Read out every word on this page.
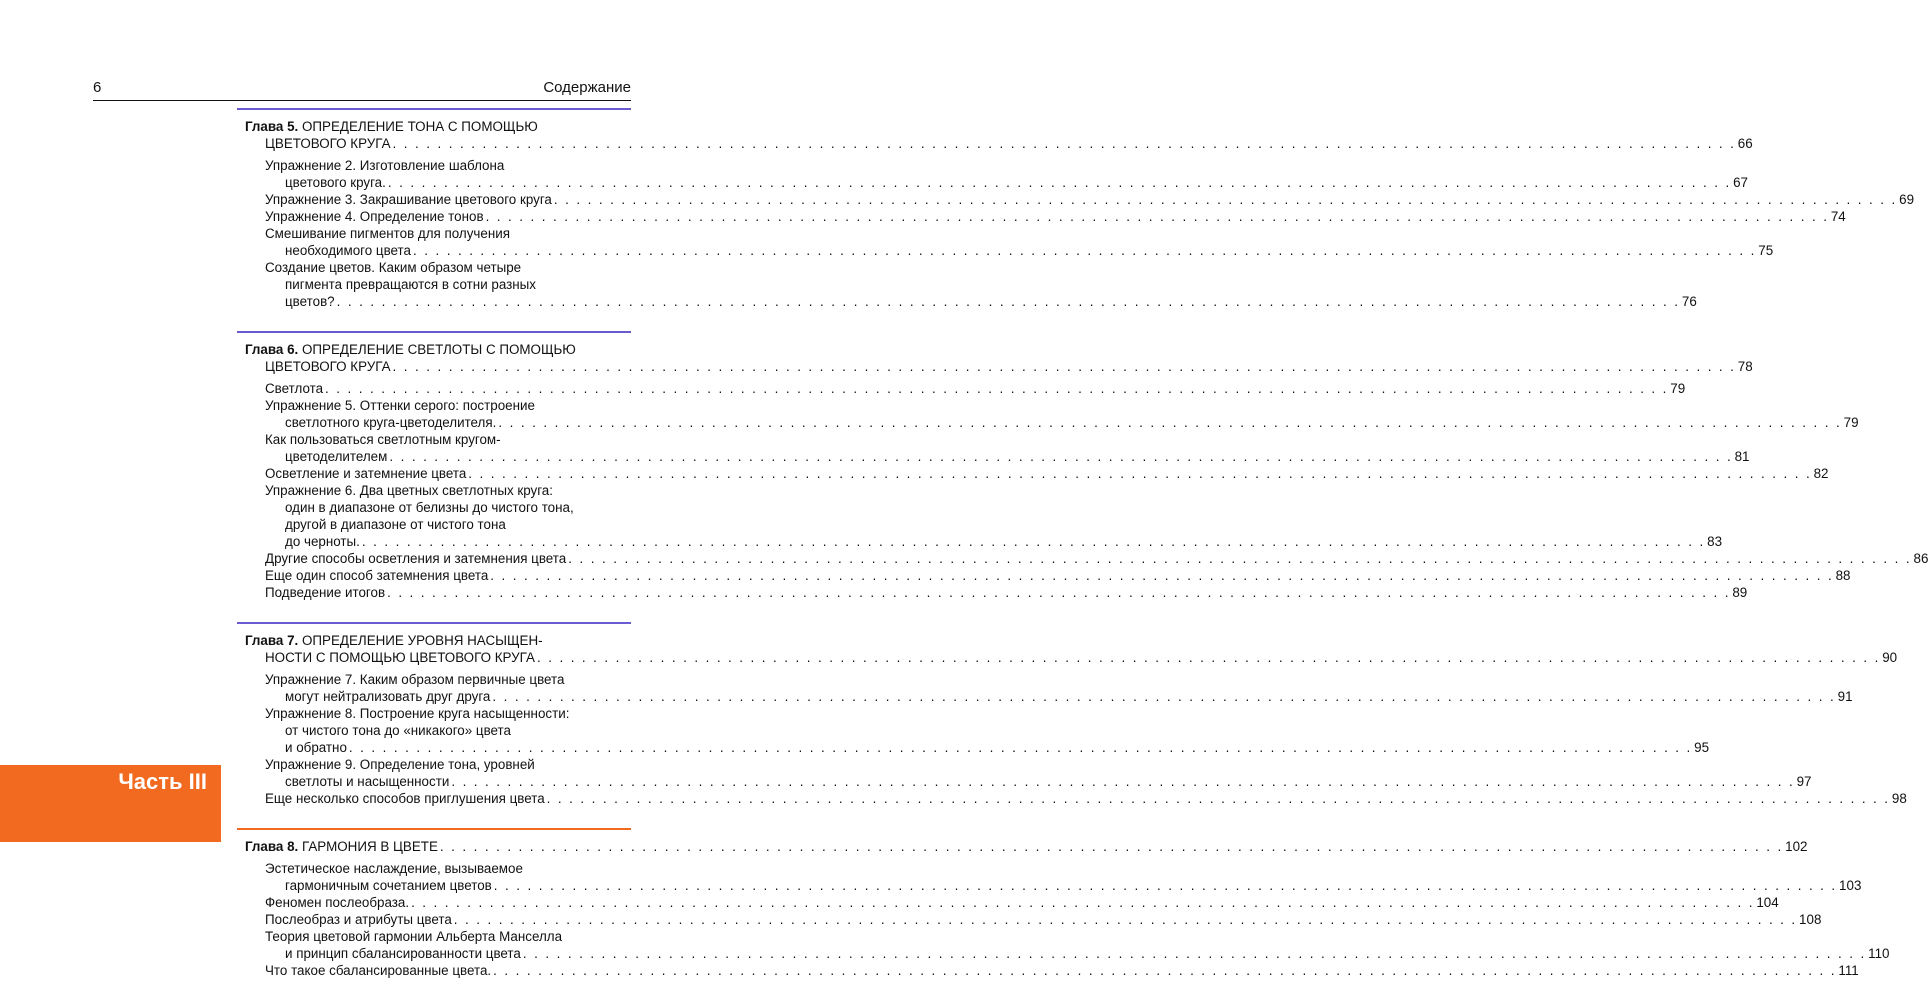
6	Содержание
Часть III
Глава 5. ОПРЕДЕЛЕНИЕ ТОНА С ПОМОЩЬЮ
ЦВЕТОВОГО КРУГА . . . . . . . . . . . . . . . . . . . . . . . . . . . . . . . . . . . . . . . . . . . . . . . . . . . . . . . . . . . . . . . . . . . . . . . . . . . . . . . . . . . . . . . . . . . . . . . . . . . . . . . . . . . . . . . . . . . . . . . . 66
Упражнение 2. Изготовление шаблона
цветового круга. . . . . . . . . . . . . . . . . . . . . . . . . . . . . . . . . . . . . . . . . . . . . . . . . . . . . . . . . . . . . . . . . . . . . . . . . . . . . . . . . . . . . . . . . . . . . . . . . . . . . . . . . . . . . . . . . . . . . . . . . 67
Упражнение 3. Закрашивание цветового круга . . . . . . . . . . . . . . . . . . . . . . . . . . . . . . . . . . . . . . . . . . . . . . . . . . . . . . . . . . . . . . . . . . . . . . . . . . . . . . . . . . . . . . . . . . . . . . . . . . . . . . . . . . . . . . . . . . . . . . . . 69
Упражнение 4. Определение тонов . . . . . . . . . . . . . . . . . . . . . . . . . . . . . . . . . . . . . . . . . . . . . . . . . . . . . . . . . . . . . . . . . . . . . . . . . . . . . . . . . . . . . . . . . . . . . . . . . . . . . . . . . . . . . . . . . . . . . . . . 74
Смешивание пигментов для получения
необходимого цвета . . . . . . . . . . . . . . . . . . . . . . . . . . . . . . . . . . . . . . . . . . . . . . . . . . . . . . . . . . . . . . . . . . . . . . . . . . . . . . . . . . . . . . . . . . . . . . . . . . . . . . . . . . . . . . . . . . . . . . . . 75
Создание цветов. Каким образом четыре
пигмента превращаются в сотни разных
цветов? . . . . . . . . . . . . . . . . . . . . . . . . . . . . . . . . . . . . . . . . . . . . . . . . . . . . . . . . . . . . . . . . . . . . . . . . . . . . . . . . . . . . . . . . . . . . . . . . . . . . . . . . . . . . . . . . . . . . . . . . 76
Глава 6. ОПРЕДЕЛЕНИЕ СВЕТЛОТЫ С ПОМОЩЬЮ
ЦВЕТОВОГО КРУГА . . . . . . . . . . . . . . . . . . . . . . . . . . . . . . . . . . . . . . . . . . . . . . . . . . . . . . . . . . . . . . . . . . . . . . . . . . . . . . . . . . . . . . . . . . . . . . . . . . . . . . . . . . . . . . . . . . . . . . . . 78
Светлота . . . . . . . . . . . . . . . . . . . . . . . . . . . . . . . . . . . . . . . . . . . . . . . . . . . . . . . . . . . . . . . . . . . . . . . . . . . . . . . . . . . . . . . . . . . . . . . . . . . . . . . . . . . . . . . . . . . . . . . . 79
Упражнение 5. Оттенки серого: построение
светлотного круга-цветоделителя. . . . . . . . . . . . . . . . . . . . . . . . . . . . . . . . . . . . . . . . . . . . . . . . . . . . . . . . . . . . . . . . . . . . . . . . . . . . . . . . . . . . . . . . . . . . . . . . . . . . . . . . . . . . . . . . . . . . . . . . . 79
Как пользоваться светлотным кругом-
цветоделителем . . . . . . . . . . . . . . . . . . . . . . . . . . . . . . . . . . . . . . . . . . . . . . . . . . . . . . . . . . . . . . . . . . . . . . . . . . . . . . . . . . . . . . . . . . . . . . . . . . . . . . . . . . . . . . . . . . . . . . . . 81
Осветление и затемнение цвета . . . . . . . . . . . . . . . . . . . . . . . . . . . . . . . . . . . . . . . . . . . . . . . . . . . . . . . . . . . . . . . . . . . . . . . . . . . . . . . . . . . . . . . . . . . . . . . . . . . . . . . . . . . . . . . . . . . . . . . . 82
Упражнение 6. Два цветных светлотных круга:
один в диапазоне от белизны до чистого тона,
другой в диапазоне от чистого тона
до черноты. . . . . . . . . . . . . . . . . . . . . . . . . . . . . . . . . . . . . . . . . . . . . . . . . . . . . . . . . . . . . . . . . . . . . . . . . . . . . . . . . . . . . . . . . . . . . . . . . . . . . . . . . . . . . . . . . . . . . . . . . 83
Другие способы осветления и затемнения цвета . . . . . . . . . . . . . . . . . . . . . . . . . . . . . . . . . . . . . . . . . . . . . . . . . . . . . . . . . . . . . . . . . . . . . . . . . . . . . . . . . . . . . . . . . . . . . . . . . . . . . . . . . . . . . . . . . . . . . . . . 86
Еще один способ затемнения цвета . . . . . . . . . . . . . . . . . . . . . . . . . . . . . . . . . . . . . . . . . . . . . . . . . . . . . . . . . . . . . . . . . . . . . . . . . . . . . . . . . . . . . . . . . . . . . . . . . . . . . . . . . . . . . . . . . . . . . . . . 88
Подведение итогов . . . . . . . . . . . . . . . . . . . . . . . . . . . . . . . . . . . . . . . . . . . . . . . . . . . . . . . . . . . . . . . . . . . . . . . . . . . . . . . . . . . . . . . . . . . . . . . . . . . . . . . . . . . . . . . . . . . . . . . . 89
Глава 7. ОПРЕДЕЛЕНИЕ УРОВНЯ НАСЫЩЕН-
НОСТИ С ПОМОЩЬЮ ЦВЕТОВОГО КРУГА . . . . . . . . . . . . . . . . . . . . . . . . . . . . . . . . . . . . . . . . . . . . . . . . . . . . . . . . . . . . . . . . . . . . . . . . . . . . . . . . . . . . . . . . . . . . . . . . . . . . . . . . . . . . . . . . . . . . . . . . 90
Упражнение 7. Каким образом первичные цвета
могут нейтрализовать друг друга . . . . . . . . . . . . . . . . . . . . . . . . . . . . . . . . . . . . . . . . . . . . . . . . . . . . . . . . . . . . . . . . . . . . . . . . . . . . . . . . . . . . . . . . . . . . . . . . . . . . . . . . . . . . . . . . . . . . . . . . 91
Упражнение 8. Построение круга насыщенности:
от чистого тона до «никакого» цвета
и обратно . . . . . . . . . . . . . . . . . . . . . . . . . . . . . . . . . . . . . . . . . . . . . . . . . . . . . . . . . . . . . . . . . . . . . . . . . . . . . . . . . . . . . . . . . . . . . . . . . . . . . . . . . . . . . . . . . . . . . . . . 95
Упражнение 9. Определение тона, уровней
светлоты и насыщенности . . . . . . . . . . . . . . . . . . . . . . . . . . . . . . . . . . . . . . . . . . . . . . . . . . . . . . . . . . . . . . . . . . . . . . . . . . . . . . . . . . . . . . . . . . . . . . . . . . . . . . . . . . . . . . . . . . . . . . . . 97
Еще несколько способов приглушения цвета . . . . . . . . . . . . . . . . . . . . . . . . . . . . . . . . . . . . . . . . . . . . . . . . . . . . . . . . . . . . . . . . . . . . . . . . . . . . . . . . . . . . . . . . . . . . . . . . . . . . . . . . . . . . . . . . . . . . . . . . 98
Глава 8. ГАРМОНИЯ В ЦВЕТЕ . . . . . . . . . . . . . . . . . . . . . . . . . . . . . . . . . . . . . . . . . . . . . . . . . . . . . . . . . . . . . . . . . . . . . . . . . . . . . . . . . . . . . . . . . . . . . . . . . . . . . . . . . . . . . . . . . . . . . . . . 102
Эстетическое наслаждение, вызываемое
гармоничным сочетанием цветов . . . . . . . . . . . . . . . . . . . . . . . . . . . . . . . . . . . . . . . . . . . . . . . . . . . . . . . . . . . . . . . . . . . . . . . . . . . . . . . . . . . . . . . . . . . . . . . . . . . . . . . . . . . . . . . . . . . . . . . . 103
Феномен послеобраза. . . . . . . . . . . . . . . . . . . . . . . . . . . . . . . . . . . . . . . . . . . . . . . . . . . . . . . . . . . . . . . . . . . . . . . . . . . . . . . . . . . . . . . . . . . . . . . . . . . . . . . . . . . . . . . . . . . . . . . . . 104
Послеобраз и атрибуты цвета . . . . . . . . . . . . . . . . . . . . . . . . . . . . . . . . . . . . . . . . . . . . . . . . . . . . . . . . . . . . . . . . . . . . . . . . . . . . . . . . . . . . . . . . . . . . . . . . . . . . . . . . . . . . . . . . . . . . . . . . 108
Теория цветовой гармонии Альберта Манселла
и принцип сбалансированности цвета . . . . . . . . . . . . . . . . . . . . . . . . . . . . . . . . . . . . . . . . . . . . . . . . . . . . . . . . . . . . . . . . . . . . . . . . . . . . . . . . . . . . . . . . . . . . . . . . . . . . . . . . . . . . . . . . . . . . . . . . 110
Что такое сбалансированные цвета. . . . . . . . . . . . . . . . . . . . . . . . . . . . . . . . . . . . . . . . . . . . . . . . . . . . . . . . . . . . . . . . . . . . . . . . . . . . . . . . . . . . . . . . . . . . . . . . . . . . . . . . . . . . . . . . . . . . . . . . . 111
